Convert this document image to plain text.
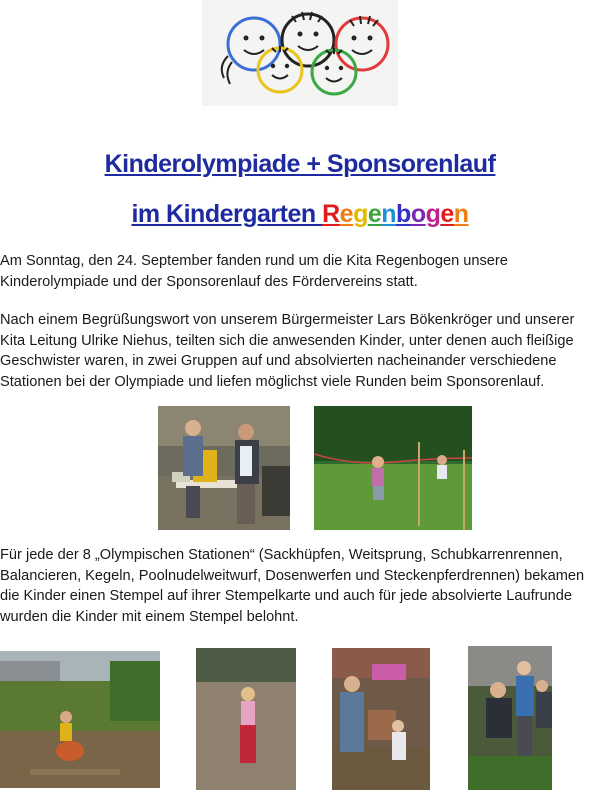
Kinderolympiade + Sponsorenlauf
im Kindergarten Regenbogen

Am Sonntag, den 24. September fanden rund um die Kita Regenbogen unsere Kinderolympiade und der Sponsorenlauf des Fördervereins statt.

Nach einem Begrüßungswort von unserem Bürgermeister Lars Bökenkröger und unserer Kita Leitung Ulrike Niehus, teilten sich die anwesenden Kinder, unter denen auch fleißige Geschwister waren, in zwei Gruppen auf und absolvierten nacheinander verschiedene Stationen bei der Olympiade und liefen möglichst viele Runden beim Sponsorenlauf.

Für jede der 8 „Olympischen Stationen“ (Sackhüpfen, Weitsprung, Schubkarrenrennen, Balancieren, Kegeln, Poolnudelweitwurf, Dosenwerfen und Steckenpferdrennen) bekamen die Kinder einen Stempel auf ihrer Stempelkarte und auch für jede absolvierte Laufrunde wurden die Kinder mit einem Stempel belohnt.
